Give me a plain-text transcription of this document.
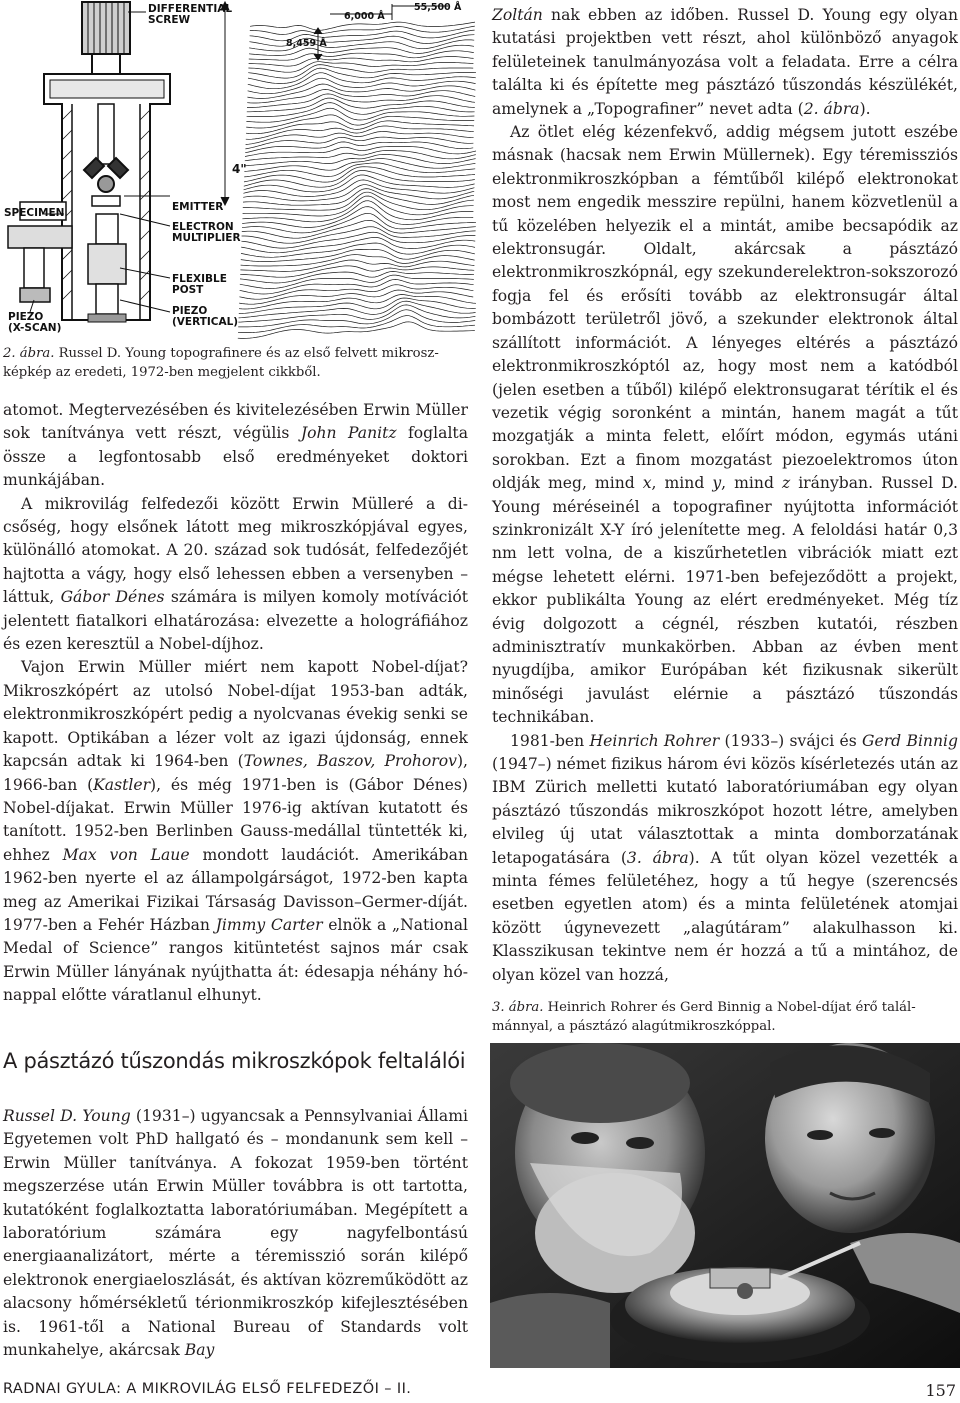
DIFFERENTIAL
SCREW
55,500 Å
6,000 Å
8,459 Å
4"
SPECIMEN	EMITTER
ELECTRON
MULTIPLIER
FLEXIBLE
POST
PIEZO
(VERTICAL)
PIEZO
(X-SCAN)
2. ábra. Russel D. Young topografinere és az első felvett mikroszképkép az eredeti, 1972-ben megjelent cikkből.

atomot. Megtervezésében és kivitelezésében Erwin Müller sok tanítványa vett részt, végülis John Panitz foglalta össze a legfontosabb első eredményeket doktori munkájában.

A mikrovilág felfedezői között Erwin Mülleré a dicsőség, hogy elsőnek látott meg mikroszkópjával egyes, különálló atomokat. A 20. század sok tudósát, felfedezőjét hajtotta a vágy, hogy első lehessen ebben a versenyben – láttuk, Gábor Dénes számára is milyen komoly motívációt jelentett fiatalkori elhatározása: elvezette a holográfiához és ezen keresztül a Nobel-díjhoz.

Vajon Erwin Müller miért nem kapott Nobel-díjat? Mikroszkópért az utolsó Nobel-díjat 1953-ban adták, elektronmikroszkópért pedig a nyolcvanas évekig senki se kapott. Optikában a lézer volt az igazi újdonság, ennek kapcsán adtak ki 1964-ben (Townes, Baszov, Prohorov), 1966-ban (Kastler), és még 1971-ben is (Gábor Dénes) Nobel-díjakat. Erwin Müller 1976-ig aktívan kutatott és tanított. 1952-ben Berlinben Gauss-medállal tüntették ki, ehhez Max von Laue mondott laudációt. Amerikában 1962-ben nyerte el az állampolgárságot, 1972-ben kapta meg az Amerikai Fizikai Társaság Davisson–Germer-díját. 1977-ben a Fehér Házban Jimmy Carter elnök a „National Medal of Science” rangos kitüntetést sajnos már csak Erwin Müller lányának nyújthatta át: édesapja néhány hónappal előtte váratlanul elhunyt.

A pásztázó tűszondás mikroszkópok feltalálói

Russel D. Young (1931–) ugyancsak a Pennsylvaniai Állami Egyetemen volt PhD hallgató és – mondanunk sem kell – Erwin Müller tanítványa. A fokozat 1959-ben történt megszerzése után Erwin Müller továbbra is ott tartotta, kutatóként foglalkoztatta laboratóriumában. Megépített a laboratórium számára egy nagyfelbontású energiaanalizátort, mérte a téremisszió során kilépő elektronok energiaeloszlását, és aktívan közreműködött az alacsony hőmérsékletű térionmikroszkóp kifejlesztésében is. 1961-től a National Bureau of Standards volt munkahelye, akárcsak Bay

Zoltán nak ebben az időben. Russel D. Young egy olyan kutatási projektben vett részt, ahol különböző anyagok felületeinek tanulmányozása volt a feladata. Erre a célra találta ki és építette meg pásztázó tűszondás készülékét, amelynek a „Topografiner” nevet adta (2. ábra).

Az ötlet elég kézenfekvő, addig mégsem jutott eszébe másnak (hacsak nem Erwin Müllernek). Egy téremissziós elektronmikroszkópban a fémtűből kilépő elektronokat most nem engedik messzire repülni, hanem közvetlenül a tű közelében helyezik el a mintát, amibe becsapódik az elektronsugár. Oldalt, akárcsak a pásztázó elektronmikroszkópnál, egy szekunderelektron-sokszorozó fogja fel és erősíti tovább az elektronsugár által bombázott területről jövő, a szekunder elektronok által szállított információt. A lényeges eltérés a pásztázó elektronmikroszkóptól az, hogy most nem a katódból (jelen esetben a tűből) kilépő elektronsugarat térítik el és vezetik végig soronként a mintán, hanem magát a tűt mozgatják a minta felett, előírt módon, egymás utáni sorokban. Ezt a finom mozgatást piezoelektromos úton oldják meg, mind x, mind y, mind z irányban. Russel D. Young méréseinél a topografiner nyújtotta információt szinkronizált X-Y író jelenítette meg. A feloldási határ 0,3 nm lett volna, de a kiszűrhetetlen vibrációk miatt ezt mégse lehetett elérni. 1971-ben befejeződött a projekt, ekkor publikálta Young az elért eredményeket. Még tíz évig dolgozott a cégnél, részben kutatói, részben adminisztratív munkakörben. Abban az évben ment nyugdíjba, amikor Európában két fizikusnak sikerült minőségi javulást elérnie a pásztázó tűszondás technikában.

1981-ben Heinrich Rohrer (1933–) svájci és Gerd Binnig (1947–) német fizikus három évi közös kísérletezés után az IBM Zürich melletti kutató laboratóriumában egy olyan pásztázó tűszondás mikroszkópot hozott létre, amelyben elvileg új utat választottak a minta domborzatának letapogatására (3. ábra). A tűt olyan közel vezették a minta fémes felületéhez, hogy a tű hegye (szerencsés esetben egyetlen atom) és a minta felületének atomjai között úgynevezett „alagútáram” alakulhasson ki. Klasszikusan tekintve nem ér hozzá a tű a mintához, de olyan közel van hozzá,

3. ábra. Heinrich Rohrer és Gerd Binnig a Nobel-díjat érő találmánnyal, a pásztázó alagútmikroszkóppal.
RADNAI GYULA: A MIKROVILÁG ELSŐ FELFEDEZŐI – II.	157
